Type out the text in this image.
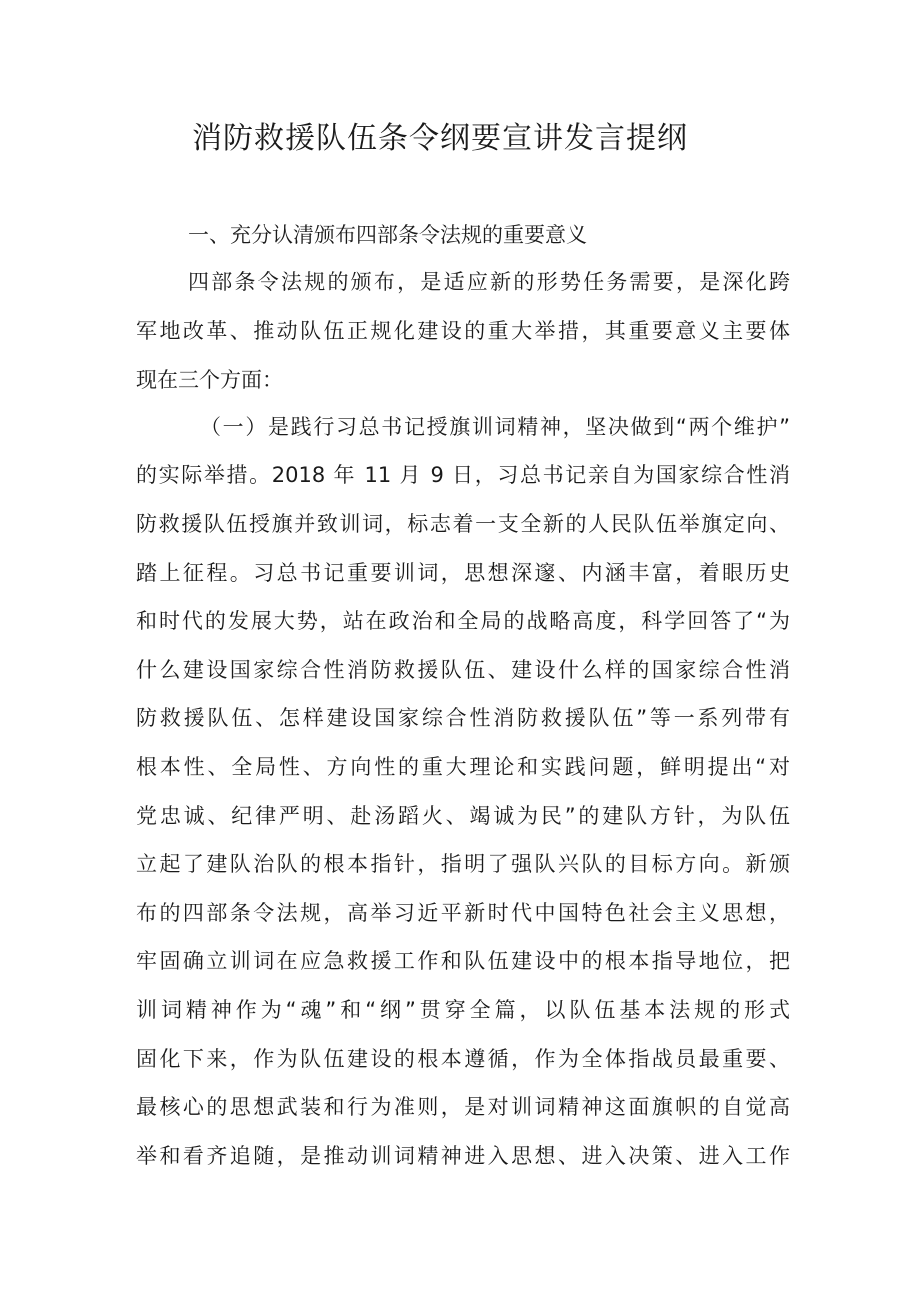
消防救援队伍条令纲要宣讲发言提纲
一、充分认清颁布四部条令法规的重要意义
四部条令法规的颁布，是适应新的形势任务需要，是深化跨
军地改革、推动队伍正规化建设的重大举措，其重要意义主要体
现在三个方面：
（一）是践行习总书记授旗训词精神，坚决做到“两个维护”
的实际举措。2018 年 11 月 9 日，习总书记亲自为国家综合性消
防救援队伍授旗并致训词，标志着一支全新的人民队伍举旗定向、
踏上征程。习总书记重要训词，思想深邃、内涵丰富，着眼历史
和时代的发展大势，站在政治和全局的战略高度，科学回答了“为
什么建设国家综合性消防救援队伍、建设什么样的国家综合性消
防救援队伍、怎样建设国家综合性消防救援队伍”等一系列带有
根本性、全局性、方向性的重大理论和实践问题，鲜明提出“对
党忠诚、纪律严明、赴汤蹈火、竭诚为民”的建队方针，为队伍
立起了建队治队的根本指针，指明了强队兴队的目标方向。新颁
布的四部条令法规，高举习近平新时代中国特色社会主义思想，
牢固确立训词在应急救援工作和队伍建设中的根本指导地位，把
训词精神作为“魂”和“纲”贯穿全篇，以队伍基本法规的形式
固化下来，作为队伍建设的根本遵循，作为全体指战员最重要、
最核心的思想武装和行为准则，是对训词精神这面旗帜的自觉高
举和看齐追随，是推动训词精神进入思想、进入决策、进入工作
